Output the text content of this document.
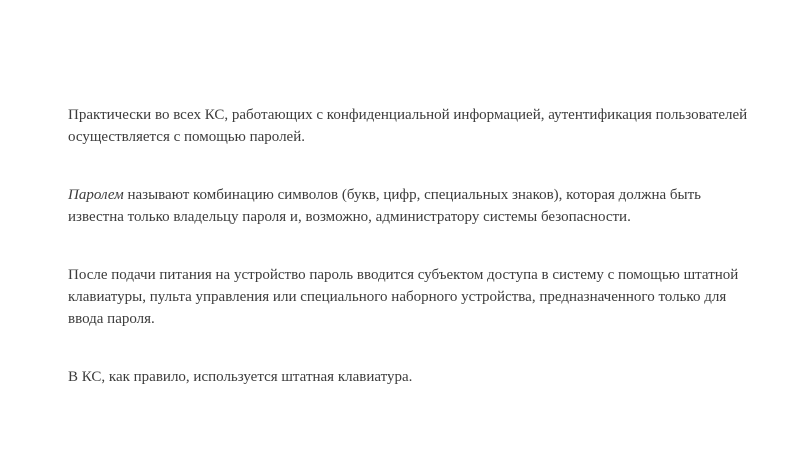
Практически во всех КС, работающих с конфиденциальной информацией, аутентификация пользователей осуществляется с помощью паролей.

Паролем называют комбинацию символов (букв, цифр, специальных знаков), которая должна быть известна только владельцу пароля и, возможно, администратору системы безопасности.

После подачи питания на устройство пароль вводится субъектом доступа в систему с помощью штатной клавиатуры, пульта управления или специального наборного устройства, предназначенного только для ввода пароля.

В КС, как правило, используется штатная клавиатура.
